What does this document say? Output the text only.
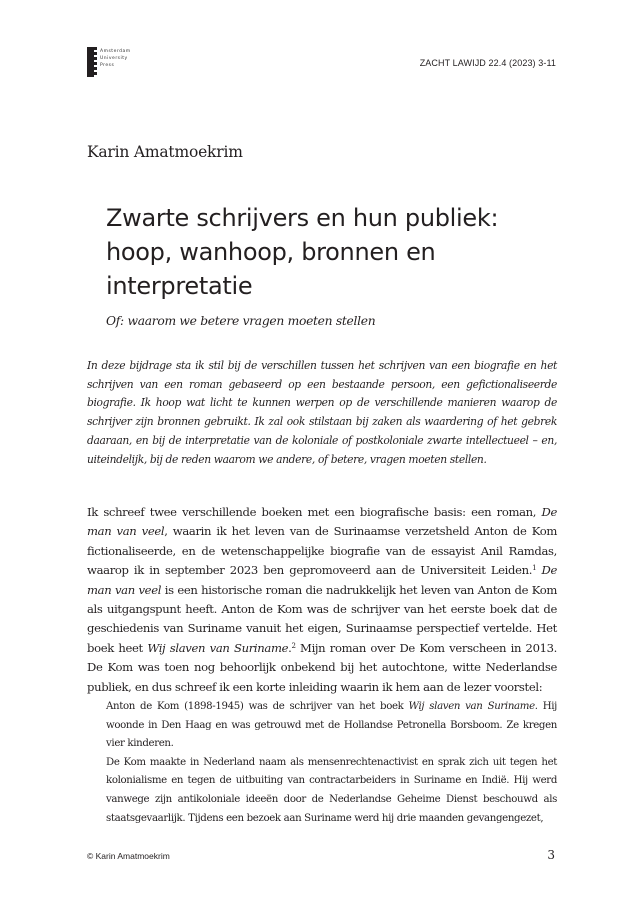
Amsterdam
University
Press	ZACHT LAWIJD 22.4 (2023) 3-11
Karin Amatmoekrim
Zwarte schrijvers en hun publiek:
hoop, wanhoop, bronnen en
interpretatie
Of: waarom we betere vragen moeten stellen

In deze bijdrage sta ik stil bij de verschillen tussen het schrijven van een biografie en het schrijven van een roman gebaseerd op een bestaande persoon, een gefictionaliseerde biografie. Ik hoop wat licht te kunnen werpen op de verschillende manieren waarop de schrijver zijn bronnen gebruikt. Ik zal ook stilstaan bij zaken als waardering of het gebrek daaraan, en bij de interpretatie van de koloniale of postkoloniale zwarte intellectueel – en, uiteindelijk, bij de reden waarom we andere, of betere, vragen moeten stellen.

Ik schreef twee verschillende boeken met een biografische basis: een roman, De man van veel, waarin ik het leven van de Surinaamse verzetsheld Anton de Kom fictionaliseerde, en de wetenschappelijke biografie van de essayist Anil Ramdas, waarop ik in september 2023 ben gepromoveerd aan de Universiteit Leiden.$^1$ De man van veel is een historische roman die nadrukkelijk het leven van Anton de Kom als uitgangspunt heeft. Anton de Kom was de schrijver van het eerste boek dat de geschiedenis van Suriname vanuit het eigen, Surinaamse perspectief vertelde. Het boek heet Wij slaven van Suriname.$^2$ Mijn roman over De Kom verscheen in 2013. De Kom was toen nog behoorlijk onbekend bij het autochtone, witte Nederlandse publiek, en dus schreef ik een korte inleiding waarin ik hem aan de lezer voorstel:

Anton de Kom (1898-1945) was de schrijver van het boek Wij slaven van Suriname. Hij woonde in Den Haag en was getrouwd met de Hollandse Petronella Borsboom. Ze kregen vier kinderen.

De Kom maakte in Nederland naam als mensenrechtenactivist en sprak zich uit tegen het kolonialisme en tegen de uitbuiting van contractarbeiders in Suriname en Indië. Hij werd vanwege zijn antikoloniale ideeën door de Nederlandse Geheime Dienst beschouwd als staatsgevaarlijk. Tijdens een bezoek aan Suriname werd hij drie maanden gevangengezet,

© Karin Amatmoekrim	3
